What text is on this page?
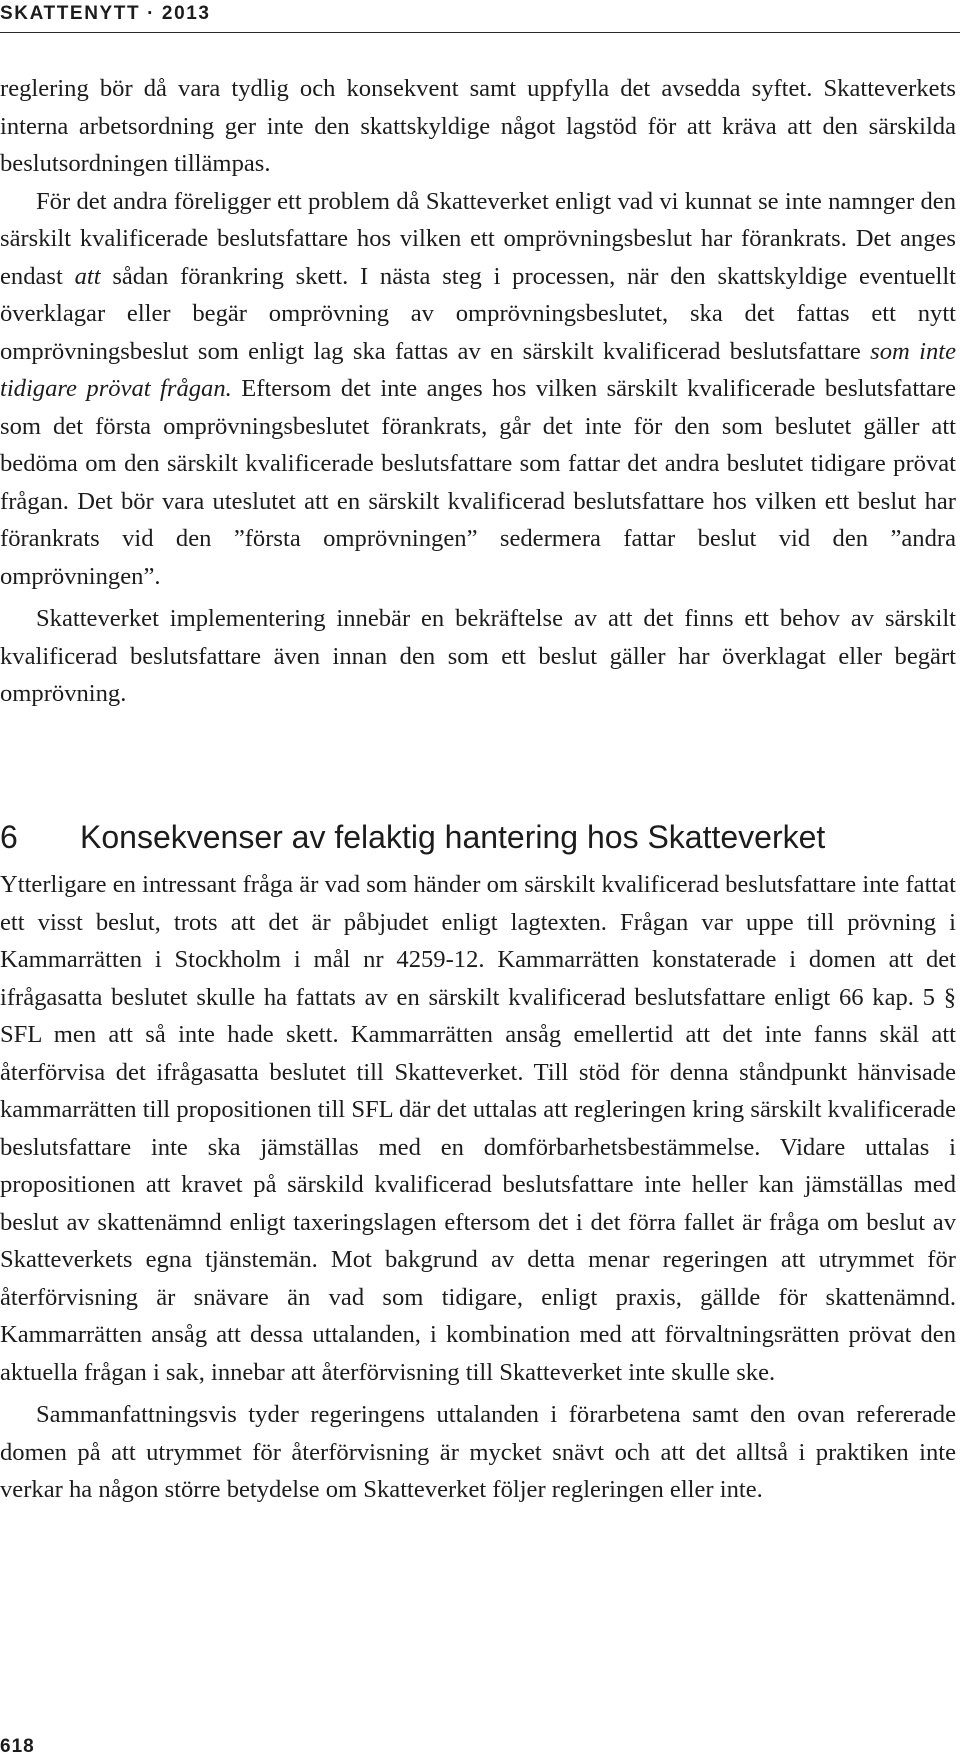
SKATTENYTT · 2013

reglering bör då vara tydlig och konsekvent samt uppfylla det avsedda syftet. Skatteverkets interna arbetsordning ger inte den skattskyldige något lagstöd för att kräva att den särskilda beslutsordningen tillämpas.

För det andra föreligger ett problem då Skatteverket enligt vad vi kunnat se inte namnger den särskilt kvalificerade beslutsfattare hos vilken ett omprövningsbeslut har förankrats. Det anges endast att sådan förankring skett. I nästa steg i processen, när den skattskyldige eventuellt överklagar eller begär omprövning av omprövningsbeslutet, ska det fattas ett nytt omprövningsbeslut som enligt lag ska fattas av en särskilt kvalificerad beslutsfattare som inte tidigare prövat frågan. Eftersom det inte anges hos vilken särskilt kvalificerade beslutsfattare som det första omprövningsbeslutet förankrats, går det inte för den som beslutet gäller att bedöma om den särskilt kvalificerade beslutsfattare som fattar det andra beslutet tidigare prövat frågan. Det bör vara uteslutet att en särskilt kvalificerad beslutsfattare hos vilken ett beslut har förankrats vid den ”första omprövningen” sedermera fattar beslut vid den ”andra omprövningen”.

Skatteverket implementering innebär en bekräftelse av att det finns ett behov av särskilt kvalificerad beslutsfattare även innan den som ett beslut gäller har överklagat eller begärt omprövning.

6 Konsekvenser av felaktig hantering hos Skatteverket

Ytterligare en intressant fråga är vad som händer om särskilt kvalificerad beslutsfattare inte fattat ett visst beslut, trots att det är påbjudet enligt lagtexten. Frågan var uppe till prövning i Kammarrätten i Stockholm i mål nr 4259-12. Kammarrätten konstaterade i domen att det ifrågasatta beslutet skulle ha fattats av en särskilt kvalificerad beslutsfattare enligt 66 kap. 5 § SFL men att så inte hade skett. Kammarrätten ansåg emellertid att det inte fanns skäl att återförvisa det ifrågasatta beslutet till Skatteverket. Till stöd för denna ståndpunkt hänvisade kammarrätten till propositionen till SFL där det uttalas att regleringen kring särskilt kvalificerade beslutsfattare inte ska jämställas med en domförbarhetsbestämmelse. Vidare uttalas i propositionen att kravet på särskild kvalificerad beslutsfattare inte heller kan jämställas med beslut av skattenämnd enligt taxeringslagen eftersom det i det förra fallet är fråga om beslut av Skatteverkets egna tjänstemän. Mot bakgrund av detta menar regeringen att utrymmet för återförvisning är snävare än vad som tidigare, enligt praxis, gällde för skattenämnd. Kammarrätten ansåg att dessa uttalanden, i kombination med att förvaltningsrätten prövat den aktuella frågan i sak, innebar att återförvisning till Skatteverket inte skulle ske.

Sammanfattningsvis tyder regeringens uttalanden i förarbetena samt den ovan refererade domen på att utrymmet för återförvisning är mycket snävt och att det alltså i praktiken inte verkar ha någon större betydelse om Skatteverket följer regleringen eller inte.

618
